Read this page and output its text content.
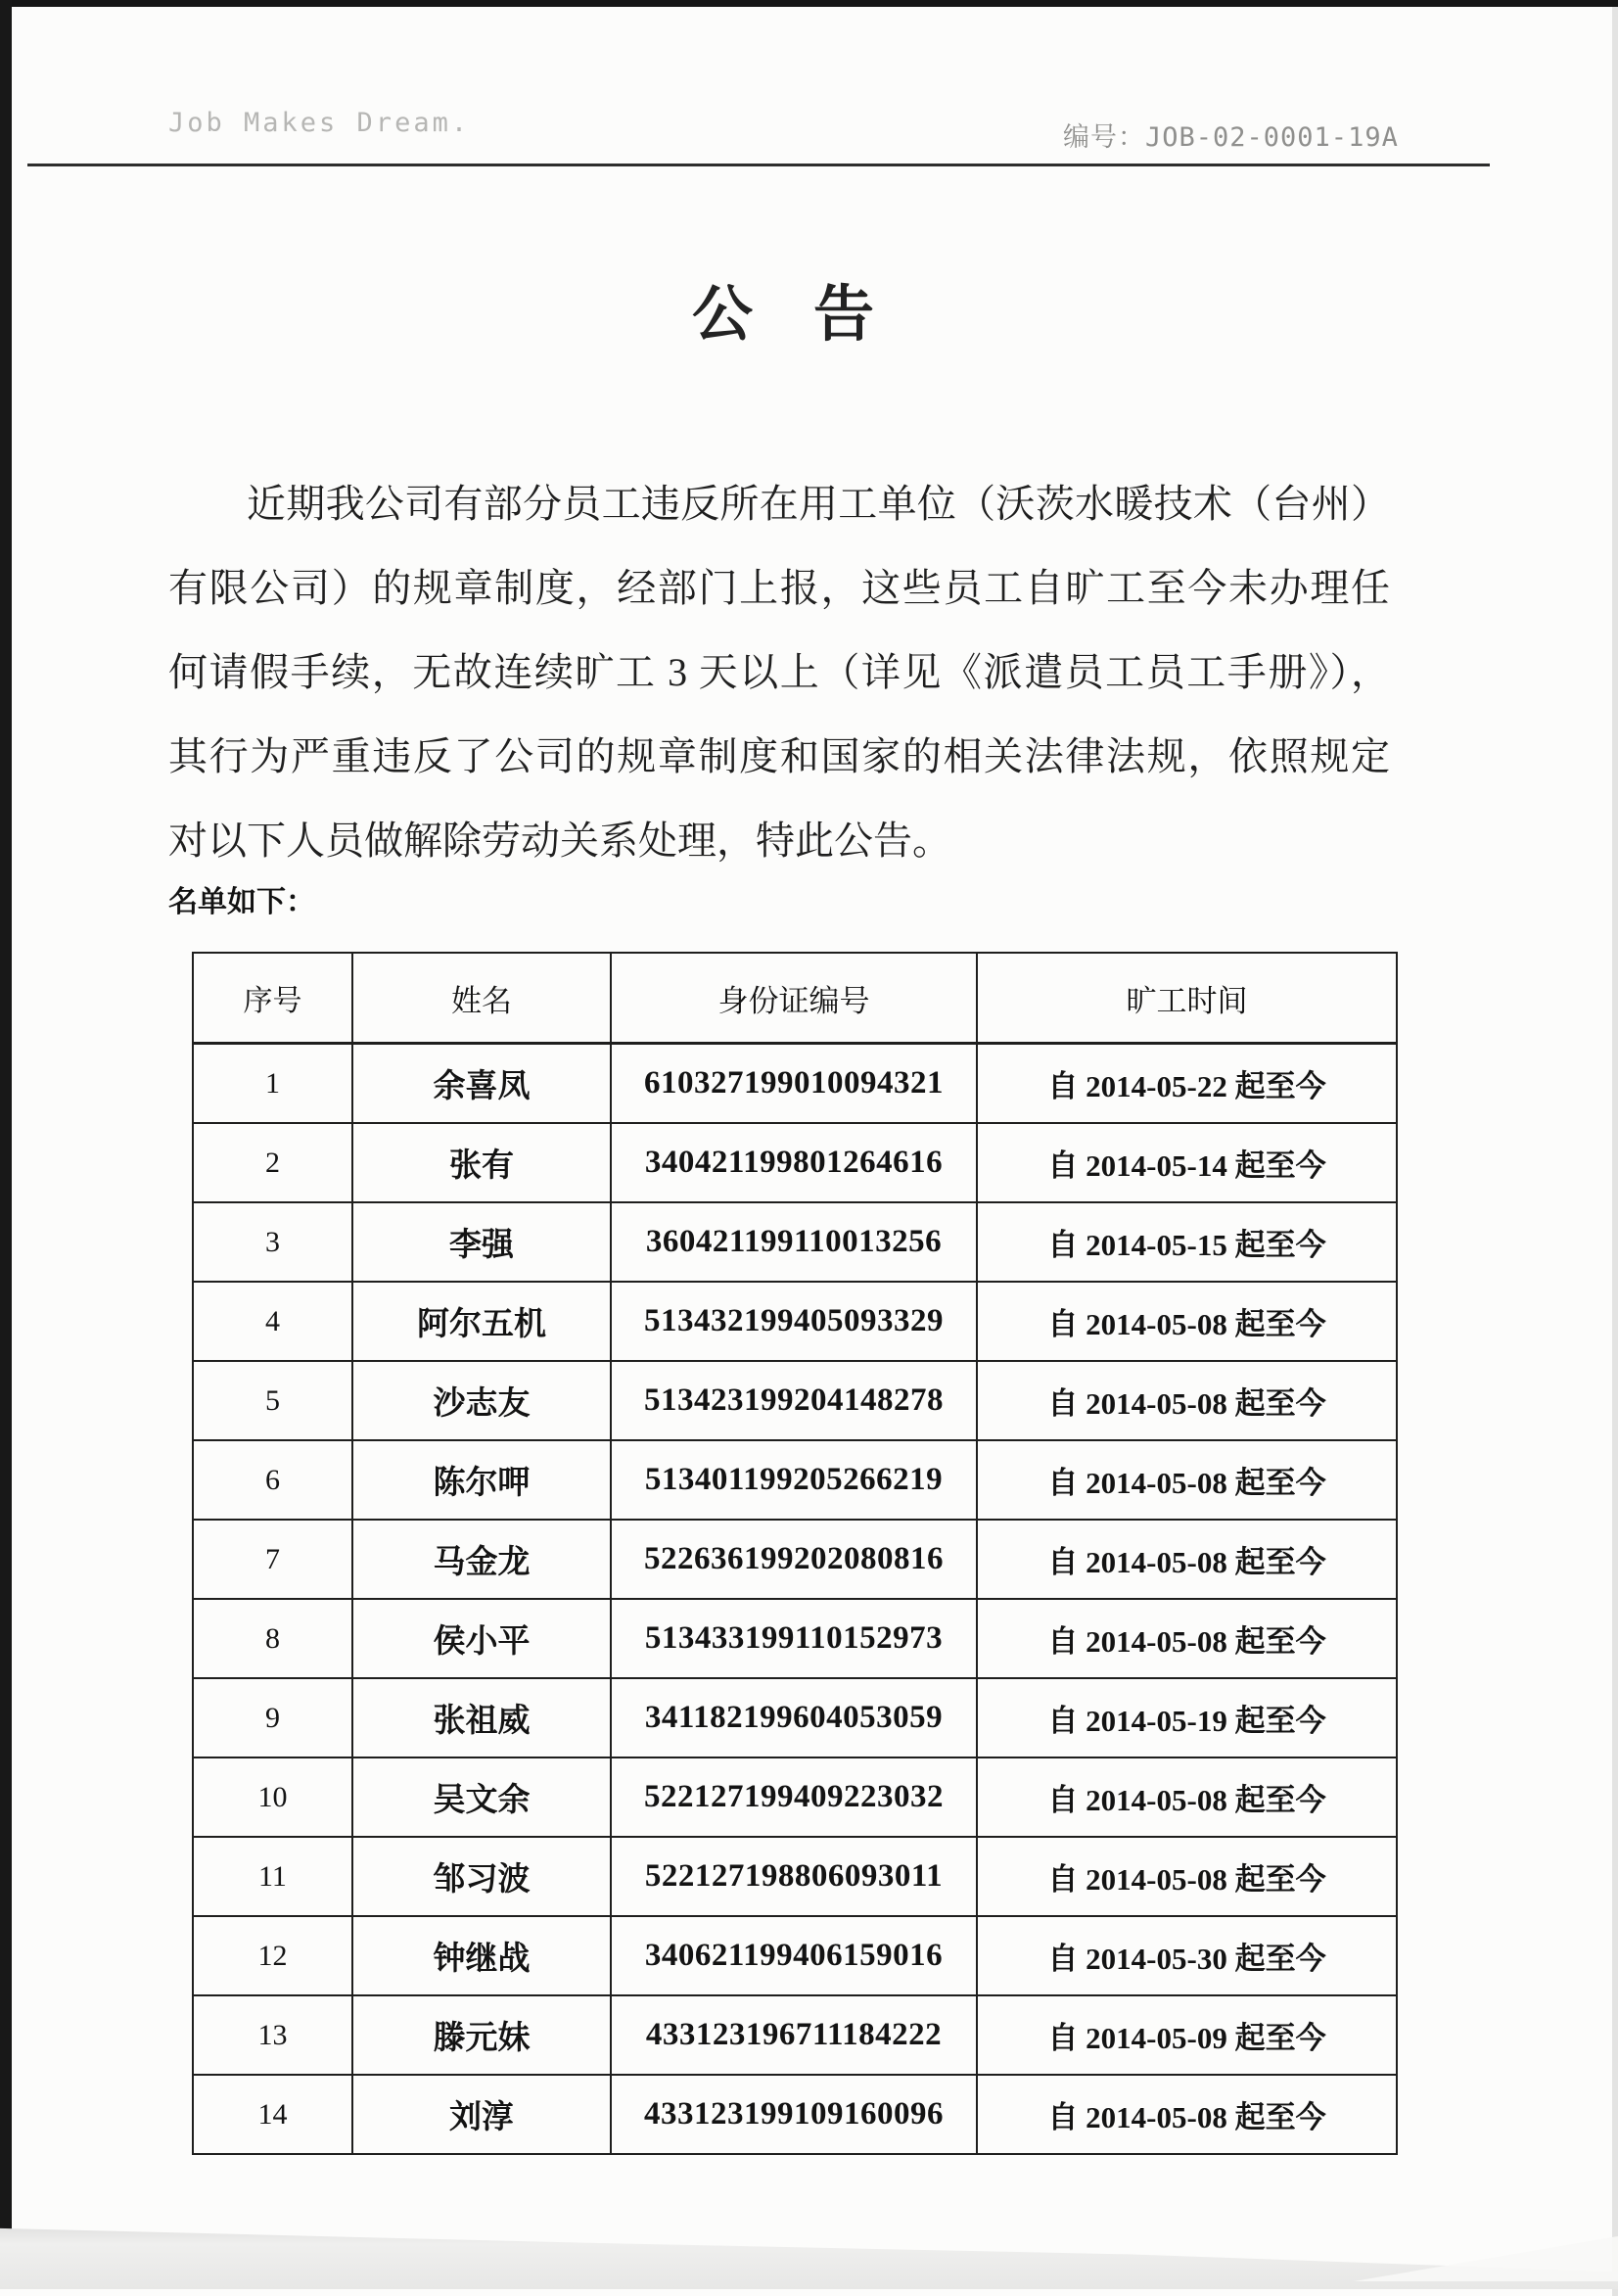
Job Makes Dream.	编号：JOB-02-0001-19A
公　告
近期我公司有部分员工违反所在用工单位（沃茨水暖技术（台州）
有限公司）的规章制度，经部门上报，这些员工自旷工至今未办理任
何请假手续，无故连续旷工 3 天以上（详见《派遣员工员工手册》），
其行为严重违反了公司的规章制度和国家的相关法律法规，依照规定
对以下人员做解除劳动关系处理，特此公告。
名单如下：
序号	姓名	身份证编号	旷工时间
1	余喜凤	610327199010094321	自 2014-05-22 起至今
2	张有	340421199801264616	自 2014-05-14 起至今
3	李强	360421199110013256	自 2014-05-15 起至今
4	阿尔五机	513432199405093329	自 2014-05-08 起至今
5	沙志友	513423199204148278	自 2014-05-08 起至今
6	陈尔呷	513401199205266219	自 2014-05-08 起至今
7	马金龙	522636199202080816	自 2014-05-08 起至今
8	侯小平	513433199110152973	自 2014-05-08 起至今
9	张祖威	341182199604053059	自 2014-05-19 起至今
10	吴文余	522127199409223032	自 2014-05-08 起至今
11	邹习波	522127198806093011	自 2014-05-08 起至今
12	钟继战	340621199406159016	自 2014-05-30 起至今
13	滕元妹	433123196711184222	自 2014-05-09 起至今
14	刘淳	433123199109160096	自 2014-05-08 起至今
